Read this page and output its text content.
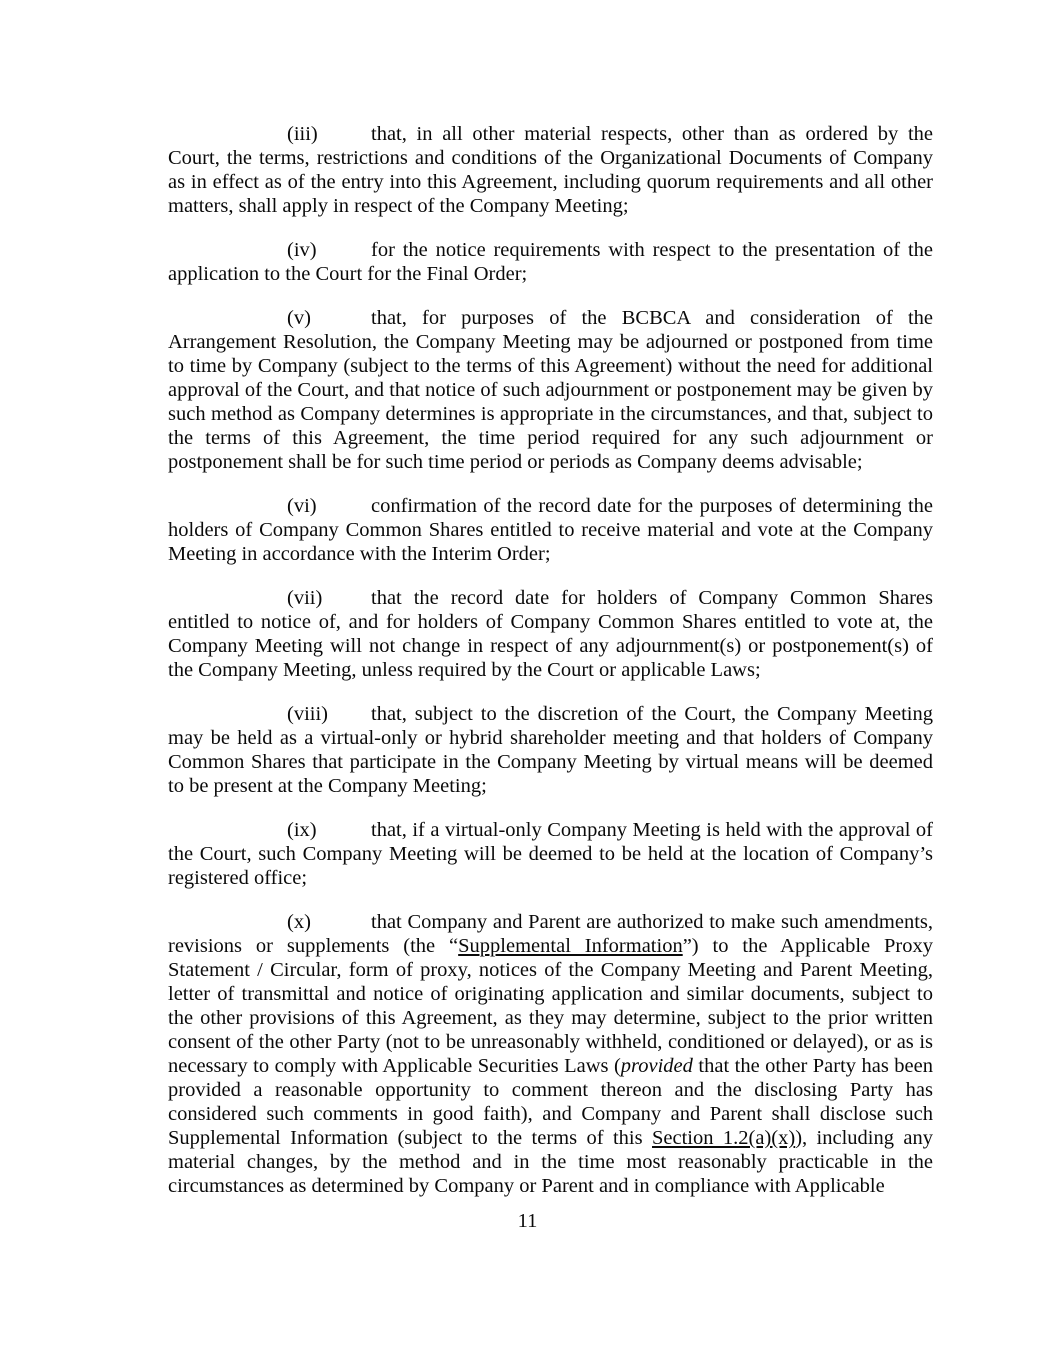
(iii)	that, in all other material respects, other than as ordered by the Court, the terms, restrictions and conditions of the Organizational Documents of Company as in effect as of the entry into this Agreement, including quorum requirements and all other matters, shall apply in respect of the Company Meeting;

(iv)	for the notice requirements with respect to the presentation of the application to the Court for the Final Order;

(v)	that, for purposes of the BCBCA and consideration of the Arrangement Resolution, the Company Meeting may be adjourned or postponed from time to time by Company (subject to the terms of this Agreement) without the need for additional approval of the Court, and that notice of such adjournment or postponement may be given by such method as Company determines is appropriate in the circumstances, and that, subject to the terms of this Agreement, the time period required for any such adjournment or postponement shall be for such time period or periods as Company deems advisable;

(vi)	confirmation of the record date for the purposes of determining the holders of Company Common Shares entitled to receive material and vote at the Company Meeting in accordance with the Interim Order;

(vii) that the record date for holders of Company Common Shares entitled to notice of, and for holders of Company Common Shares entitled to vote at, the Company Meeting will not change in respect of any adjournment(s) or postponement(s) of the Company Meeting, unless required by the Court or applicable Laws;

(viii) that, subject to the discretion of the Court, the Company Meeting may be held as a virtual-only or hybrid shareholder meeting and that holders of Company Common Shares that participate in the Company Meeting by virtual means will be deemed to be present at the Company Meeting;

(ix)	that, if a virtual-only Company Meeting is held with the approval of the Court, such Company Meeting will be deemed to be held at the location of Company’s registered office;

(x)	that Company and Parent are authorized to make such amendments, revisions or supplements (the “Supplemental Information”) to the Applicable Proxy Statement / Circular, form of proxy, notices of the Company Meeting and Parent Meeting, letter of transmittal and notice of originating application and similar documents, subject to the other provisions of this Agreement, as they may determine, subject to the prior written consent of the other Party (not to be unreasonably withheld, conditioned or delayed), or as is necessary to comply with Applicable Securities Laws (provided that the other Party has been provided a reasonable opportunity to comment thereon and the disclosing Party has considered such comments in good faith), and Company and Parent shall disclose such Supplemental Information (subject to the terms of this Section 1.2(a)(x)), including any material changes, by the method and in the time most reasonably practicable in the circumstances as determined by Company or Parent and in compliance with Applicable

11
